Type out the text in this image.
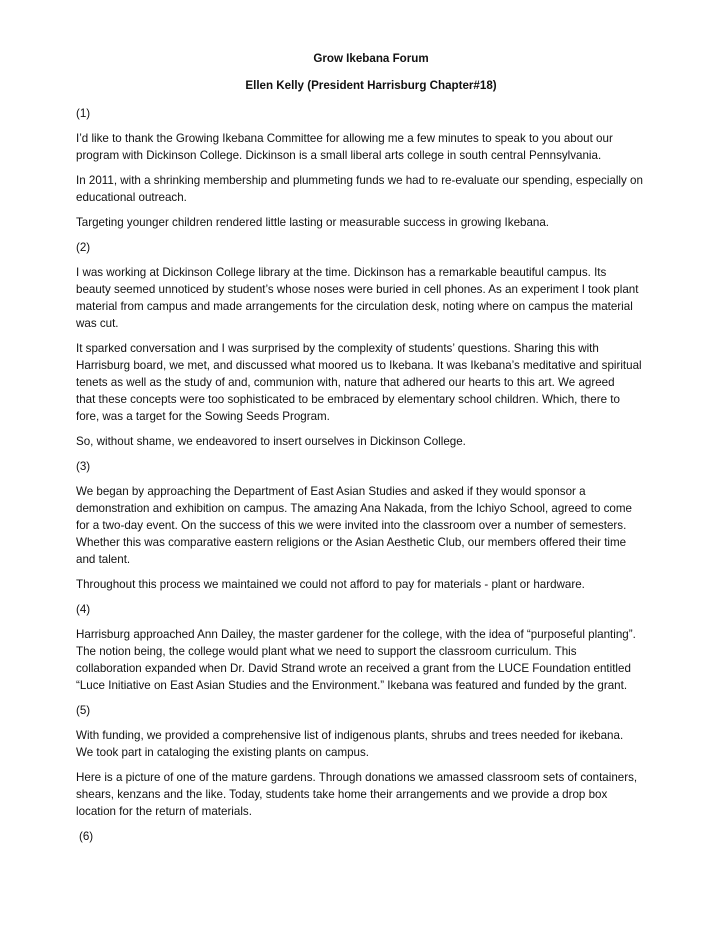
Grow Ikebana Forum
Ellen Kelly (President Harrisburg Chapter#18)
(1)
I’d like to thank the Growing Ikebana Committee for allowing me a few minutes to speak to you about our
program with Dickinson College. Dickinson is a small liberal arts college in south central Pennsylvania.
In 2011, with a shrinking membership and plummeting funds we had to re-evaluate our spending, especially on
educational outreach.
Targeting younger children rendered little lasting or measurable success in growing Ikebana.
(2)
I was working at Dickinson College library at the time. Dickinson has a remarkable beautiful campus. Its
beauty seemed unnoticed by student’s whose noses were buried in cell phones. As an experiment I took plant
material from campus and made arrangements for the circulation desk, noting where on campus the material
was cut.
It sparked conversation and I was surprised by the complexity of students’ questions. Sharing this with
Harrisburg board, we met, and discussed what moored us to Ikebana. It was Ikebana’s meditative and spiritual
tenets as well as the study of and, communion with, nature that adhered our hearts to this art. We agreed
that these concepts were too sophisticated to be embraced by elementary school children. Which, there to
fore, was a target for the Sowing Seeds Program.
So, without shame, we endeavored to insert ourselves in Dickinson College.
(3)
We began by approaching the Department of East Asian Studies and asked if they would sponsor a
demonstration and exhibition on campus. The amazing Ana Nakada, from the Ichiyo School, agreed to come
for a two-day event. On the success of this we were invited into the classroom over a number of semesters.
Whether this was comparative eastern religions or the Asian Aesthetic Club, our members offered their time
and talent.
Throughout this process we maintained we could not afford to pay for materials - plant or hardware.
(4)
Harrisburg approached Ann Dailey, the master gardener for the college, with the idea of “purposeful planting”.
The notion being, the college would plant what we need to support the classroom curriculum. This
collaboration expanded when Dr. David Strand wrote an received a grant from the LUCE Foundation entitled
“Luce Initiative on East Asian Studies and the Environment.” Ikebana was featured and funded by the grant.
(5)
With funding, we provided a comprehensive list of indigenous plants, shrubs and trees needed for ikebana.
We took part in cataloging the existing plants on campus.
Here is a picture of one of the mature gardens. Through donations we amassed classroom sets of containers,
shears, kenzans and the like. Today, students take home their arrangements and we provide a drop box
location for the return of materials.
(6)
